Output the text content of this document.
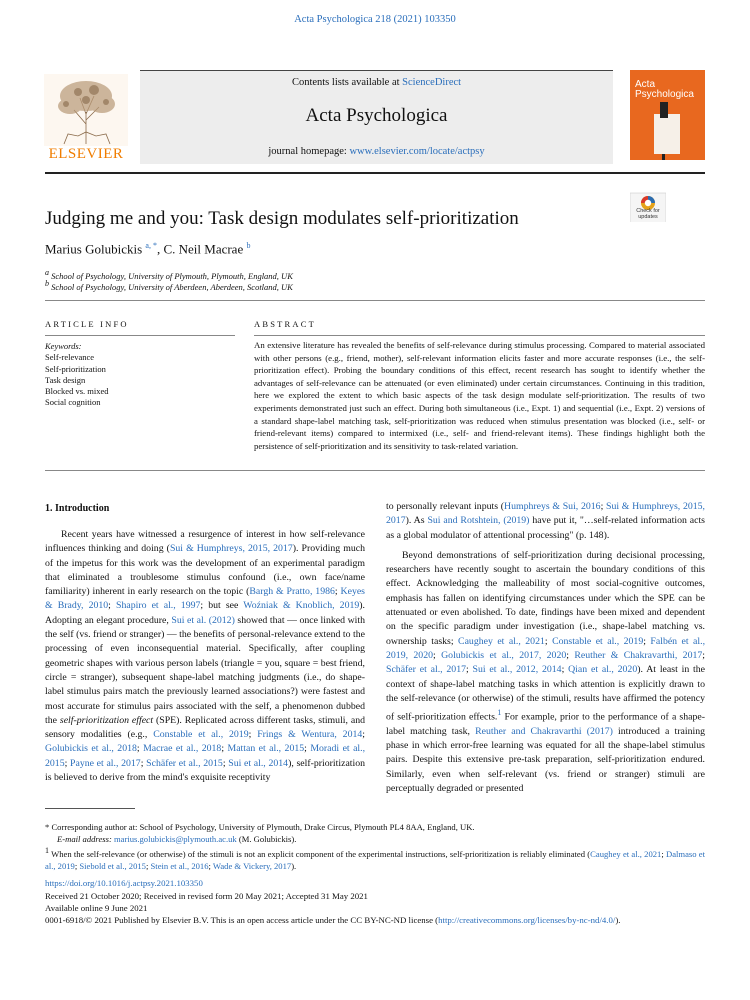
Acta Psychologica 218 (2021) 103350
ELSEVIER
Contents lists available at ScienceDirect
Acta Psychologica
journal homepage: www.elsevier.com/locate/actpsy
Acta
Psychologica
Judging me and you: Task design modulates self-prioritization	Check for updates
Marius Golubickis $^{a, *}$, C. Neil Macrae $^b$
$^a$ School of Psychology, University of Plymouth, Plymouth, England, UK
$^b$ School of Psychology, University of Aberdeen, Aberdeen, Scotland, UK
ARTICLE INFO	ABSTRACT
Keywords:
Self-relevance
Self-prioritization
Task design
Blocked vs. mixed
Social cognition
An extensive literature has revealed the benefits of self-relevance during stimulus processing. Compared to material associated with other persons (e.g., friend, mother), self-relevant information elicits faster and more accurate responses (i.e., the self-prioritization effect). Probing the boundary conditions of this effect, recent research has sought to identify whether the advantages of self-relevance can be attenuated (or even eliminated) under certain circumstances. Continuing in this tradition, here we explored the extent to which basic aspects of the task design modulate self-prioritization. The results of two experiments demonstrated just such an effect. During both simultaneous (i.e., Expt. 1) and sequential (i.e., Expt. 2) versions of a standard shape-label matching task, self-prioritization was reduced when stimulus presentation was blocked (i.e., self- or friend-relevant items) compared to intermixed (i.e., self- and friend-relevant items). These findings highlight both the persistence of self-prioritization and its sensitivity to task-related variation.
1. Introduction

Recent years have witnessed a resurgence of interest in how self-relevance influences thinking and doing (Sui & Humphreys, 2015, 2017). Providing much of the impetus for this work was the development of an experimental paradigm that eliminated a troublesome stimulus confound (i.e., own face/name familiarity) inherent in early research on the topic (Bargh & Pratto, 1986; Keyes & Brady, 2010; Shapiro et al., 1997; but see Woźniak & Knoblich, 2019). Adopting an elegant procedure, Sui et al. (2012) showed that — once linked with the self (vs. friend or stranger) — the benefits of personal-relevance extend to the processing of even inconsequential material. Specifically, after coupling geometric shapes with various person labels (triangle = you, square = best friend, circle = stranger), subsequent shape-label matching judgments (i.e., do shape-label stimulus pairs match the previously learned associations?) were fastest and most accurate for stimulus pairs associated with the self, a phenomenon dubbed the self-prioritization effect (SPE). Replicated across different tasks, stimuli, and sensory modalities (e.g., Constable et al., 2019; Frings & Wentura, 2014; Golubickis et al., 2018; Macrae et al., 2018; Mattan et al., 2015; Moradi et al., 2015; Payne et al., 2017; Schäfer et al., 2015; Sui et al., 2014), self-prioritization is believed to derive from the mind's exquisite receptivity

to personally relevant inputs (Humphreys & Sui, 2016; Sui & Humphreys, 2015, 2017). As Sui and Rotshtein, (2019) have put it, "…self-related information acts as a global modulator of attentional processing" (p. 148).

Beyond demonstrations of self-prioritization during decisional processing, researchers have recently sought to ascertain the boundary conditions of this effect. Acknowledging the malleability of most social-cognitive outcomes, emphasis has fallen on identifying circumstances under which the SPE can be attenuated or even abolished. To date, findings have been mixed and dependent on the specific paradigm under investigation (i.e., shape-label matching vs. ownership tasks; Caughey et al., 2021; Constable et al., 2019; Falbén et al., 2019, 2020; Golubickis et al., 2017, 2020; Reuther & Chakravarthi, 2017; Schäfer et al., 2017; Sui et al., 2012, 2014; Qian et al., 2020). At least in the context of shape-label matching tasks in which attention is explicitly drawn to the self-relevance (or otherwise) of the stimuli, results have affirmed the potency of self-prioritization effects.$^1$ For example, prior to the performance of a shape-label matching task, Reuther and Chakravarthi (2017) introduced a training phase in which error-free learning was equated for all the shape-label stimulus pairs. Despite this extensive pre-task preparation, self-prioritization endured. Similarly, even when self-relevant (vs. friend or stranger) stimuli are perceptually degraded or presented

* Corresponding author at: School of Psychology, University of Plymouth, Drake Circus, Plymouth PL4 8AA, England, UK.
E-mail address: marius.golubickis@plymouth.ac.uk (M. Golubickis).
$^1$ When the self-relevance (or otherwise) of the stimuli is not an explicit component of the experimental instructions, self-prioritization is reliably eliminated (Caughey et al., 2021; Dalmaso et al., 2019; Siebold et al., 2015; Stein et al., 2016; Wade & Vickery, 2017).
https://doi.org/10.1016/j.actpsy.2021.103350
Received 21 October 2020; Received in revised form 20 May 2021; Accepted 31 May 2021
Available online 9 June 2021
0001-6918/© 2021 Published by Elsevier B.V. This is an open access article under the CC BY-NC-ND license (http://creativecommons.org/licenses/by-nc-nd/4.0/).
